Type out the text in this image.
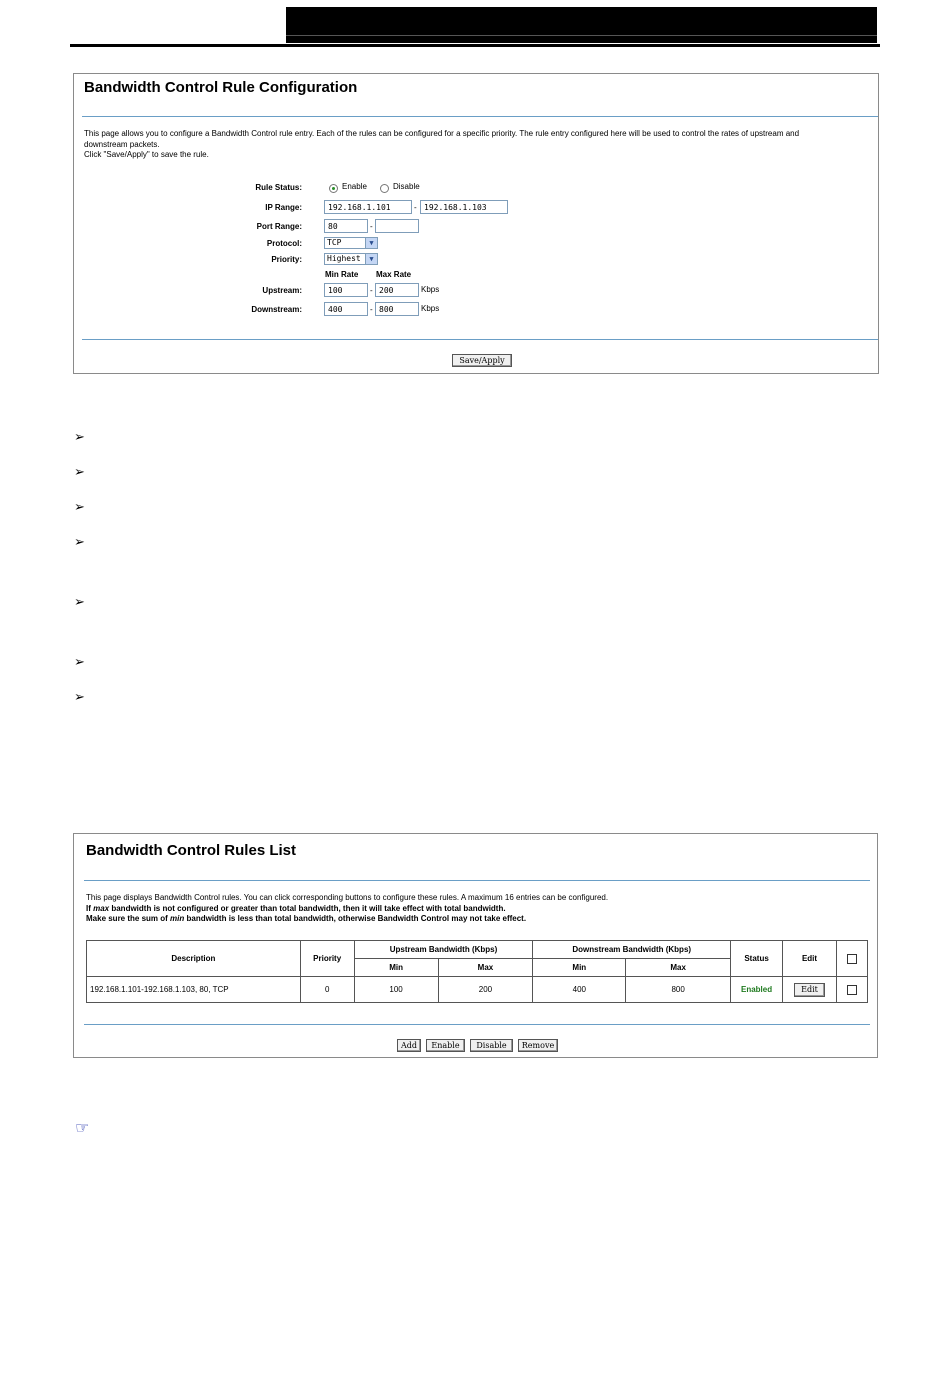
Bandwidth Control Rule Configuration
This page allows you to configure a Bandwidth Control rule entry. Each of the rules can be configured for a specific priority. The rule entry configured here will be used to control the rates of upstream and
downstream packets.
Click "Save/Apply" to save the rule.
Rule Status:	Enable	Disable
IP Range:	192.168.1.101	- 192.168.1.103
Port Range:	80	-
Protocol:	TCP	▼
Priority:	Highest	▼
Min Rate Max Rate
Upstream:	100	- 200	Kbps
Downstream:	400	- 800	Kbps
Save/Apply
➢
➢
➢
➢
➢
➢
➢
Bandwidth Control Rules List
This page displays Bandwidth Control rules. You can click corresponding buttons to configure these rules. A maximum 16 entries can be configured.
If max bandwidth is not configured or greater than total bandwidth, then it will take effect with total bandwidth.
Make sure the sum of min bandwidth is less than total bandwidth, otherwise Bandwidth Control may not take effect.
Add	Enable	Disable	Remove
Description	Priority	Upstream Bandwidth (Kbps)		Downstream Bandwidth (Kbps)		Status	Edit	
		Min	Max	Min	Max			
192.168.1.101-192.168.1.103, 80, TCP	0	100	200	400	800	Enabled	Edit	
☞
